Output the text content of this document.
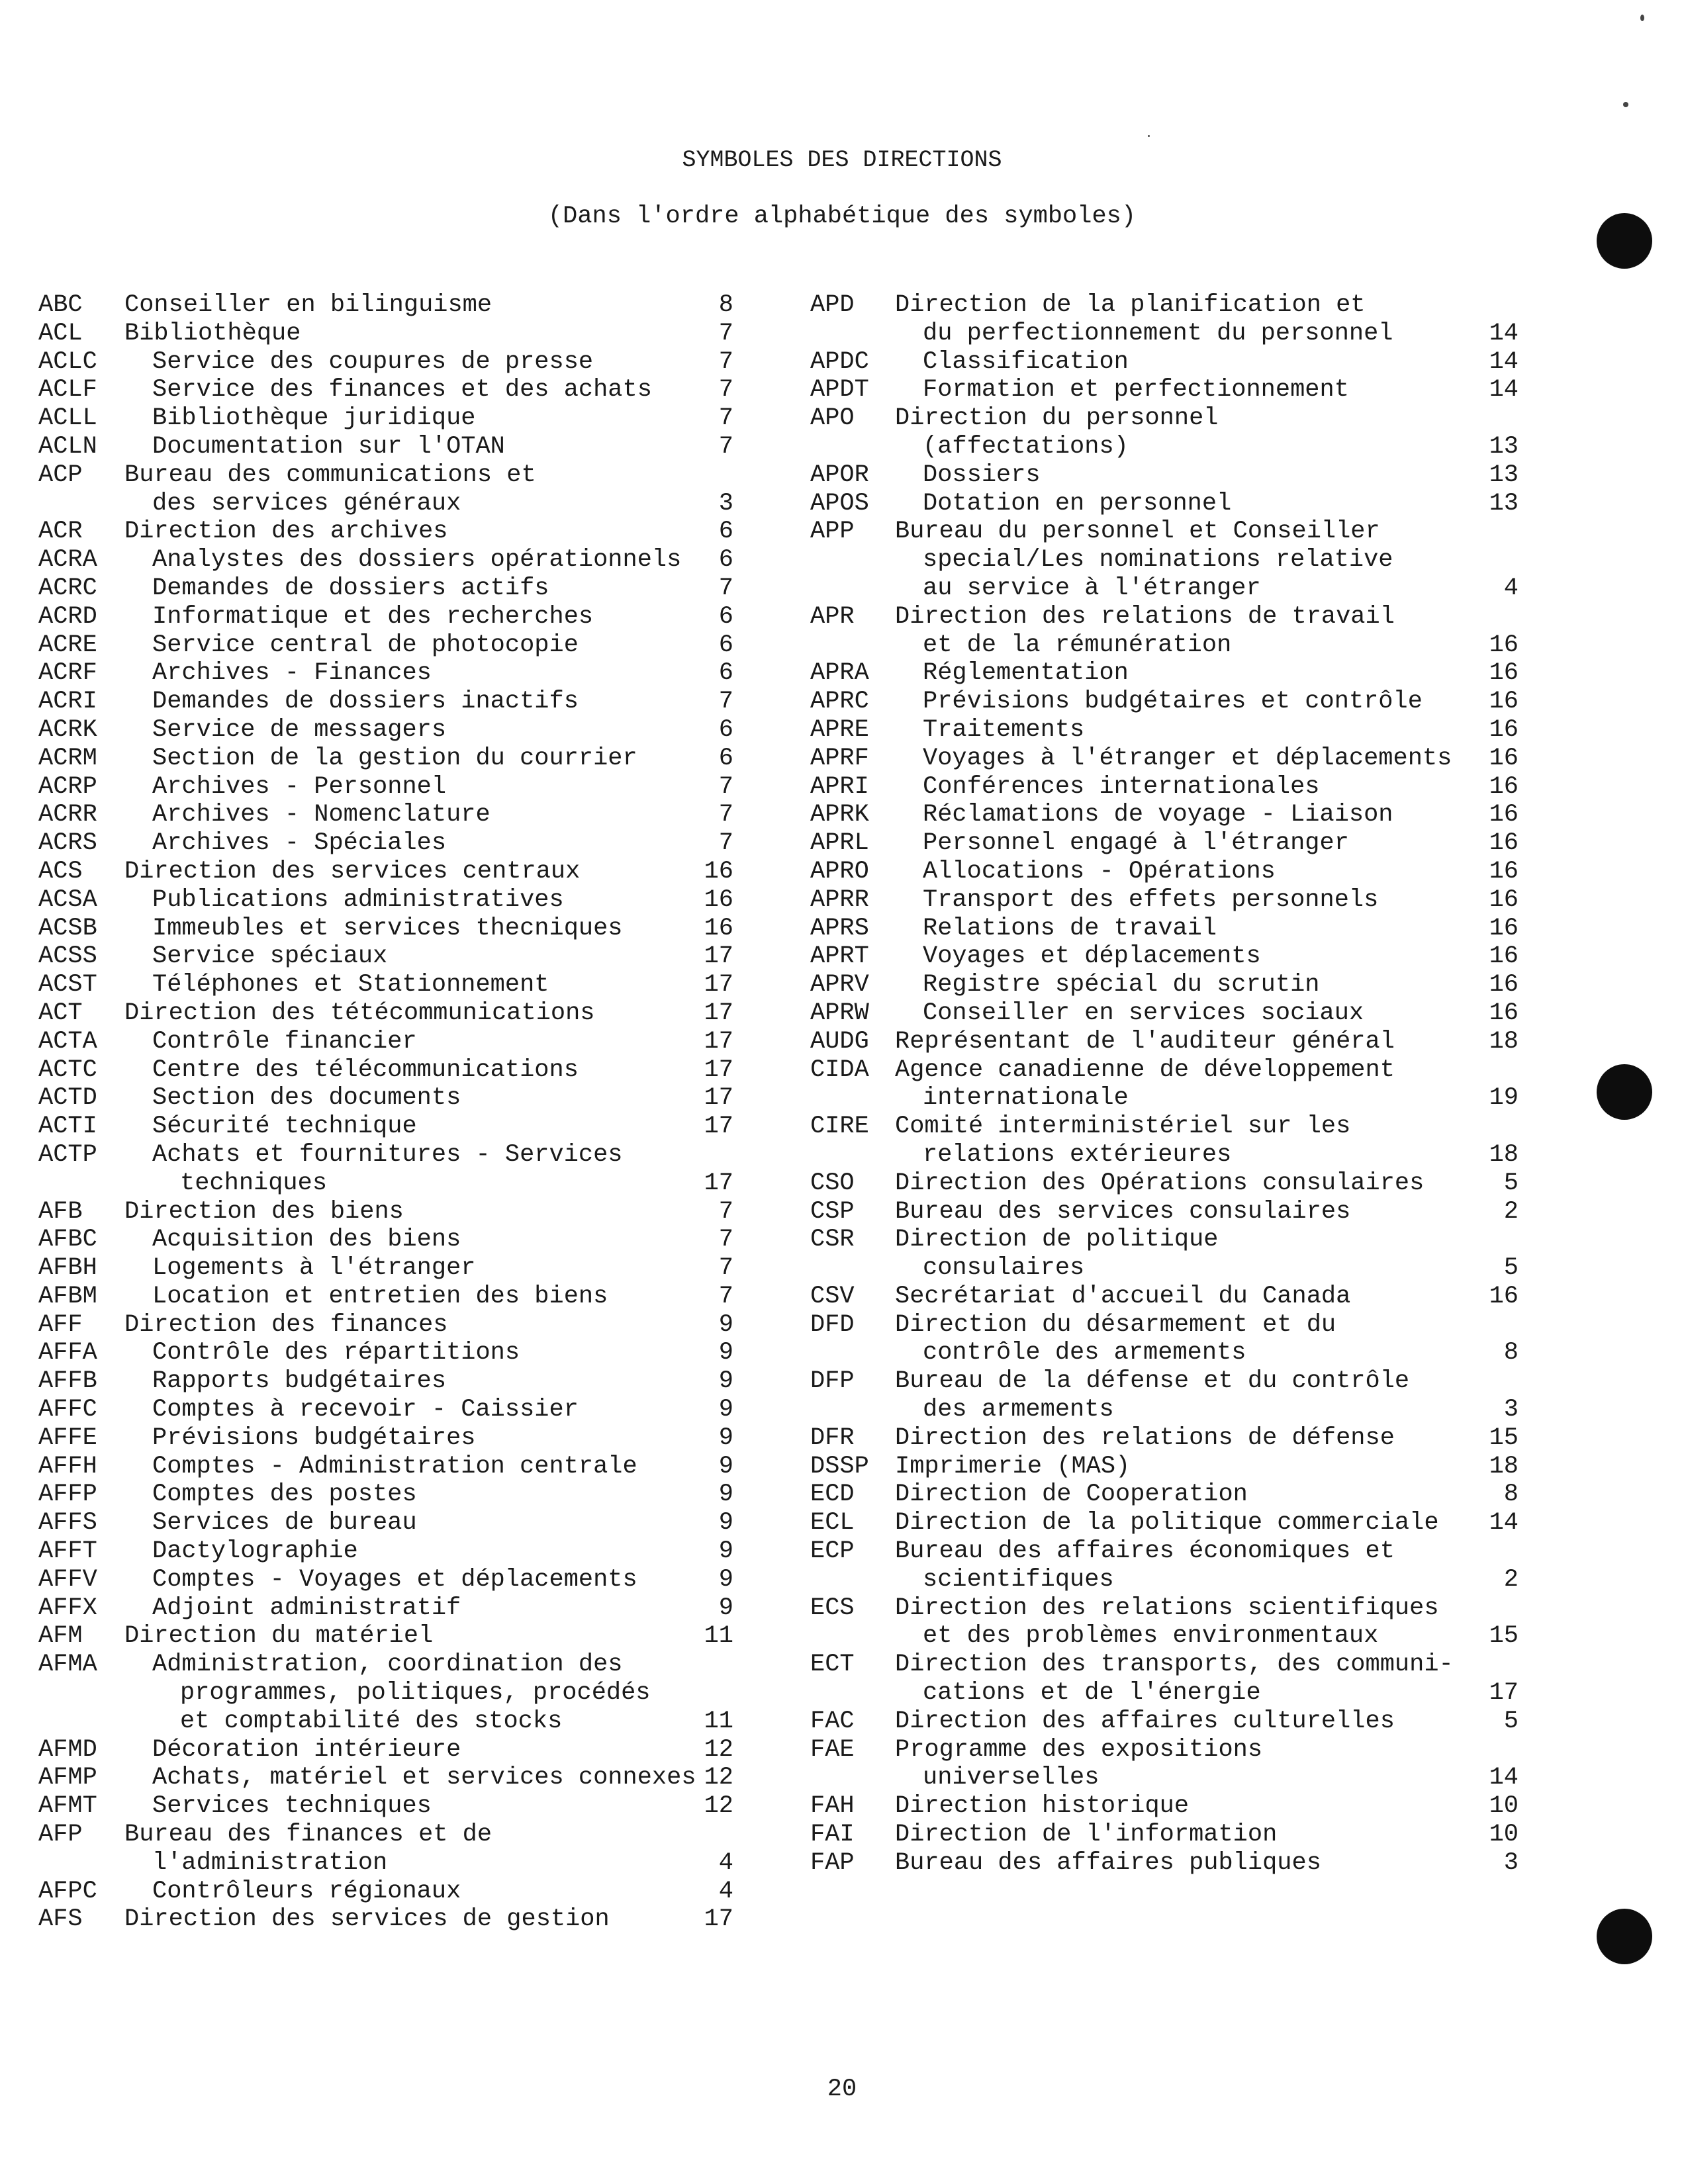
SYMBOLES DES DIRECTIONS
(Dans l'ordre alphabétique des symboles)
ABC Conseiller en bilinguisme	8
ACL Bibliothèque	7
ACLC Service des coupures de presse	7
ACLF Service des finances et des achats	7
ACLL Bibliothèque juridique	7
ACLN Documentation sur l'OTAN	7
ACP Bureau des communications et
des services généraux	3
ACR Direction des archives	6
ACRA Analystes des dossiers opérationnels 6
ACRC Demandes de dossiers actifs	7
ACRD Informatique et des recherches	6
ACRE Service central de photocopie	6
ACRF Archives - Finances	6
ACRI Demandes de dossiers inactifs	7
ACRK Service de messagers	6
ACRM Section de la gestion du courrier	6
ACRP Archives - Personnel	7
ACRR Archives - Nomenclature	7
ACRS Archives - Spéciales	7
ACS Direction des services centraux	16
ACSA Publications administratives	16
ACSB Immeubles et services thecniques	16
ACSS Service spéciaux	17
ACST Téléphones et Stationnement	17
ACT Direction des tétécommunications	17
ACTA Contrôle financier	17
ACTC Centre des télécommunications	17
ACTD Section des documents	17
ACTI Sécurité technique	17
ACTP Achats et fournitures - Services
techniques	17
AFB Direction des biens	7
AFBC Acquisition des biens	7
AFBH Logements à l'étranger	7
AFBM Location et entretien des biens	7
AFF Direction des finances	9
AFFA Contrôle des répartitions	9
AFFB Rapports budgétaires	9
AFFC Comptes à recevoir - Caissier	9
AFFE Prévisions budgétaires	9
AFFH Comptes - Administration centrale	9
AFFP Comptes des postes	9
AFFS Services de bureau	9
AFFT Dactylographie	9
AFFV Comptes - Voyages et déplacements	9
AFFX Adjoint administratif	9
AFM Direction du matériel	11
AFMA Administration, coordination des
programmes, politiques, procédés
et comptabilité des stocks	11
AFMD Décoration intérieure	12
AFMP Achats, matériel et services connexes 12
AFMT Services techniques	12
AFP Bureau des finances et de
l'administration	4
AFPC Contrôleurs régionaux	4
AFS Direction des services de gestion	17
APD Direction de la planification et
du perfectionnement du personnel	14
APDC Classification	14
APDT Formation et perfectionnement	14
APO Direction du personnel
(affectations)	13
APOR Dossiers	13
APOS Dotation en personnel	13
APP Bureau du personnel et Conseiller
special/Les nominations relative
au service à l'étranger	4
APR Direction des relations de travail
et de la rémunération	16
APRA Réglementation	16
APRC Prévisions budgétaires et contrôle	16
APRE Traitements	16
APRF Voyages à l'étranger et déplacements 16
APRI Conférences internationales	16
APRK Réclamations de voyage - Liaison	16
APRL Personnel engagé à l'étranger	16
APRO Allocations - Opérations	16
APRR Transport des effets personnels	16
APRS Relations de travail	16
APRT Voyages et déplacements	16
APRV Registre spécial du scrutin	16
APRW Conseiller en services sociaux	16
AUDG Représentant de l'auditeur général	18
CIDA Agence canadienne de développement
internationale	19
CIRE Comité interministériel sur les
relations extérieures	18
CSO Direction des Opérations consulaires	5
CSP Bureau des services consulaires	2
CSR Direction de politique
consulaires	5
CSV Secrétariat d'accueil du Canada	16
DFD Direction du désarmement et du
contrôle des armements	8
DFP Bureau de la défense et du contrôle
des armements	3
DFR Direction des relations de défense	15
DSSP Imprimerie (MAS)	18
ECD Direction de Cooperation	8
ECL Direction de la politique commerciale 14
ECP Bureau des affaires économiques et
scientifiques	2
ECS Direction des relations scientifiques
et des problèmes environmentaux	15
ECT Direction des transports, des communi-
cations et de l'énergie	17
FAC Direction des affaires culturelles	5
FAE Programme des expositions
universelles	14
FAH Direction historique	10
FAI Direction de l'information	10
FAP Bureau des affaires publiques	3
20
